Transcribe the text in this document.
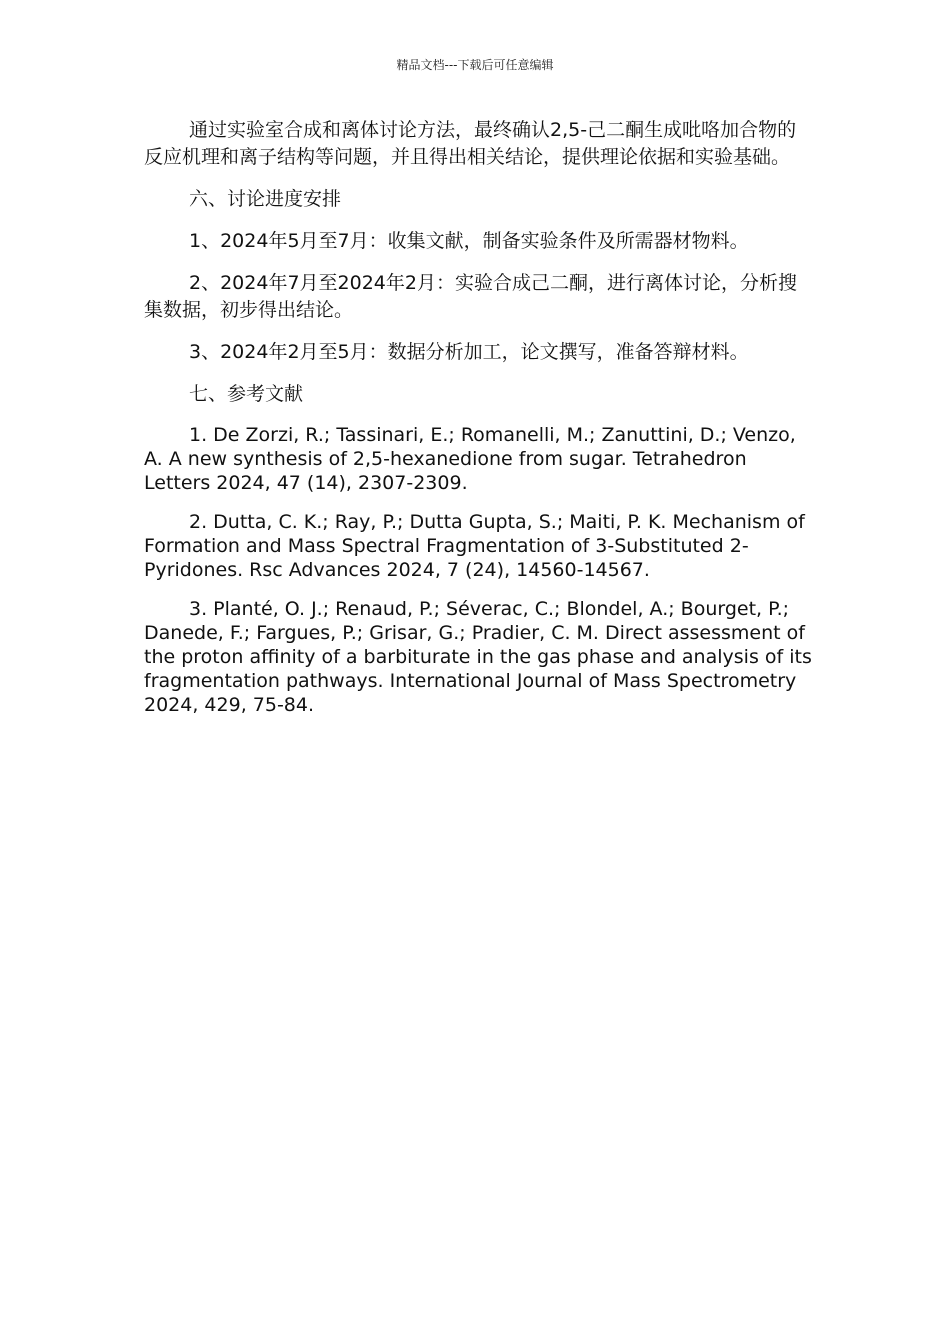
精品文档---下载后可任意编辑

通过实验室合成和离体讨论方法，最终确认2,5-己二酮生成吡咯加合物的反应机理和离子结构等问题，并且得出相关结论，提供理论依据和实验基础。

六、讨论进度安排

1、2024年5月至7月：收集文献，制备实验条件及所需器材物料。

2、2024年7月至2024年2月：实验合成己二酮，进行离体讨论，分析搜集数据，初步得出结论。

3、2024年2月至5月：数据分析加工，论文撰写，准备答辩材料。

七、参考文献

1. De Zorzi, R.; Tassinari, E.; Romanelli, M.; Zanuttini, D.; Venzo, A. A new synthesis of 2,5-hexanedione from sugar. Tetrahedron Letters 2024, 47 (14), 2307-2309.

2. Dutta, C. K.; Ray, P.; Dutta Gupta, S.; Maiti, P. K. Mechanism of Formation and Mass Spectral Fragmentation of 3-Substituted 2-Pyridones. Rsc Advances 2024, 7 (24), 14560-14567.

3. Planté, O. J.; Renaud, P.; Séverac, C.; Blondel, A.; Bourget, P.; Danede, F.; Fargues, P.; Grisar, G.; Pradier, C. M. Direct assessment of the proton affinity of a barbiturate in the gas phase and analysis of its fragmentation pathways. International Journal of Mass Spectrometry 2024, 429, 75-84.
